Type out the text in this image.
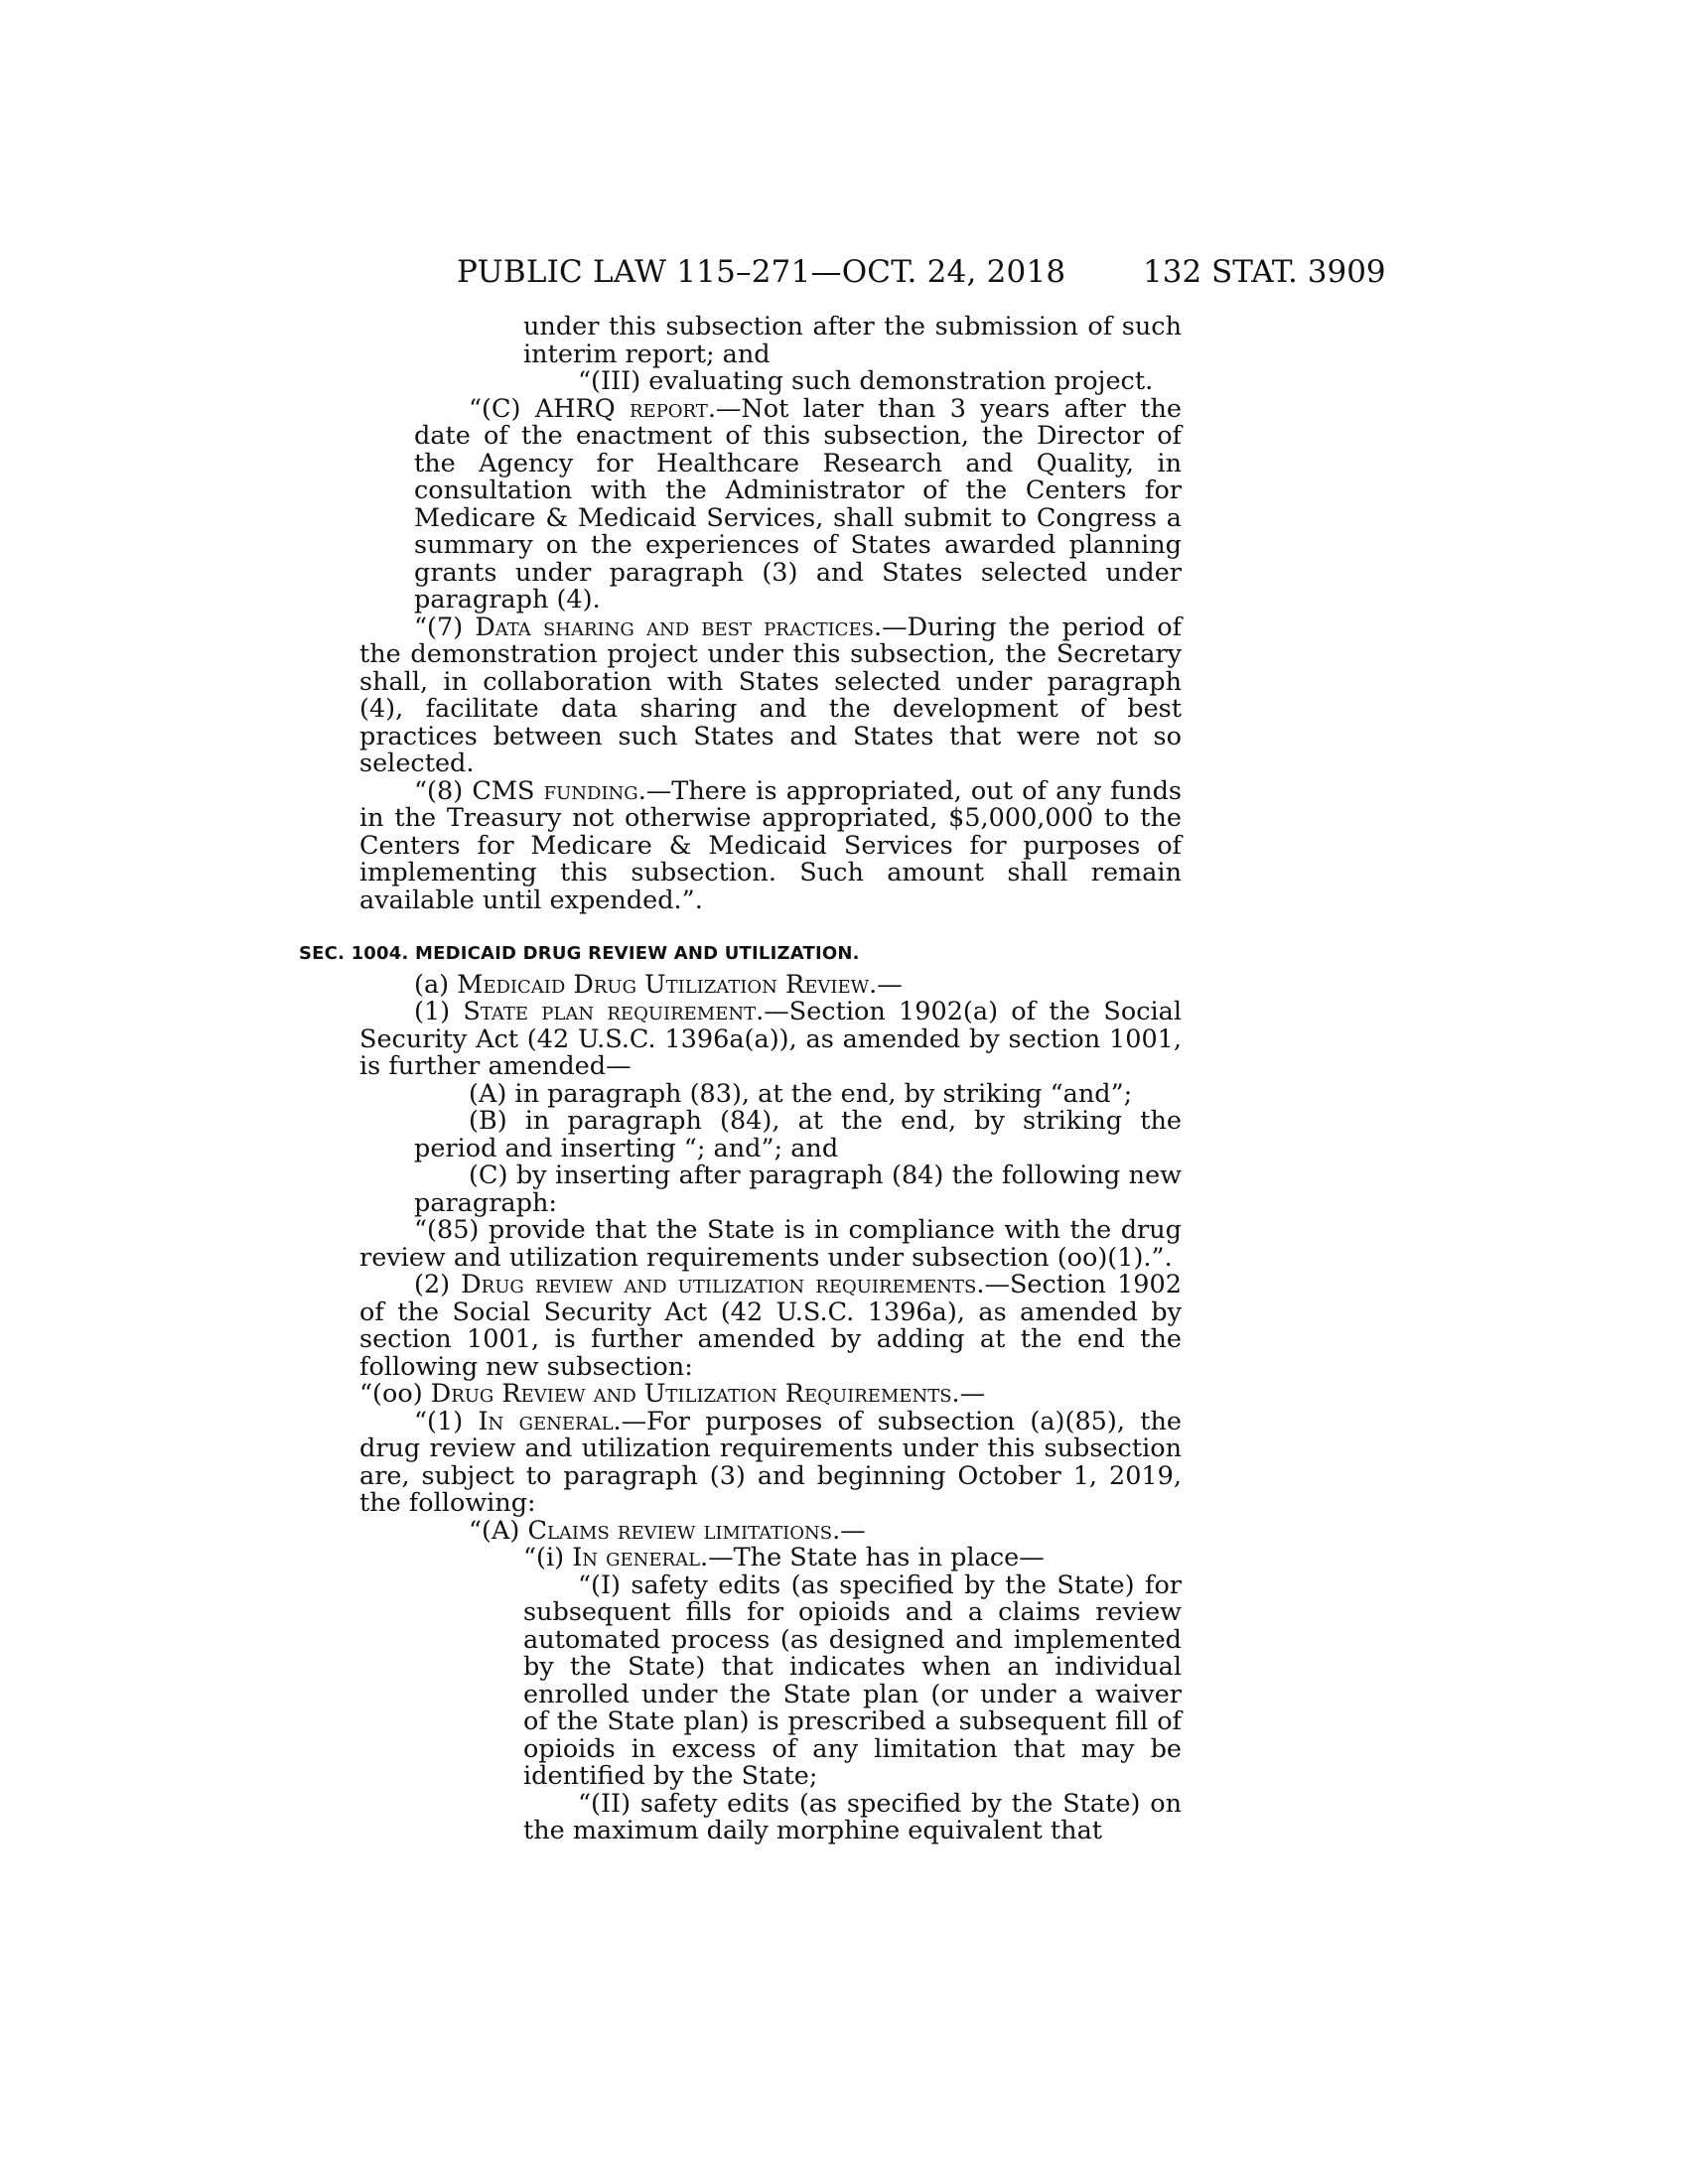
PUBLIC LAW 115–271—OCT. 24, 2018	132 STAT. 3909

under this subsection after the submission of such interim report; and

“(III) evaluating such demonstration project.

“(C) AHRQ report.—Not later than 3 years after the date of the enactment of this subsection, the Director of the Agency for Healthcare Research and Quality, in consultation with the Administrator of the Centers for Medicare & Medicaid Services, shall submit to Congress a summary on the experiences of States awarded planning grants under paragraph (3) and States selected under paragraph (4).

“(7) Data sharing and best practices.—During the period of the demonstration project under this subsection, the Secretary shall, in collaboration with States selected under paragraph (4), facilitate data sharing and the development of best practices between such States and States that were not so selected.

“(8) CMS funding.—There is appropriated, out of any funds in the Treasury not otherwise appropriated, $5,000,000 to the Centers for Medicare & Medicaid Services for purposes of implementing this subsection. Such amount shall remain available until expended.”.

SEC. 1004. MEDICAID DRUG REVIEW AND UTILIZATION.

(a) Medicaid Drug Utilization Review.—

(1) State plan requirement.—Section 1902(a) of the Social Security Act (42 U.S.C. 1396a(a)), as amended by section 1001, is further amended—

(A) in paragraph (83), at the end, by striking “and”;

(B) in paragraph (84), at the end, by striking the period and inserting “; and”; and

(C) by inserting after paragraph (84) the following new paragraph:

“(85) provide that the State is in compliance with the drug review and utilization requirements under subsection (oo)(1).”.

(2) Drug review and utilization requirements.—Section 1902 of the Social Security Act (42 U.S.C. 1396a), as amended by section 1001, is further amended by adding at the end the following new subsection:

“(oo) Drug Review and Utilization Requirements.—

“(1) In general.—For purposes of subsection (a)(85), the drug review and utilization requirements under this subsection are, subject to paragraph (3) and beginning October 1, 2019, the following:

“(A) Claims review limitations.—

“(i) In general.—The State has in place—

“(I) safety edits (as specified by the State) for subsequent fills for opioids and a claims review automated process (as designed and implemented by the State) that indicates when an individual enrolled under the State plan (or under a waiver of the State plan) is prescribed a subsequent fill of opioids in excess of any limitation that may be identified by the State;

“(II) safety edits (as specified by the State) on the maximum daily morphine equivalent that
